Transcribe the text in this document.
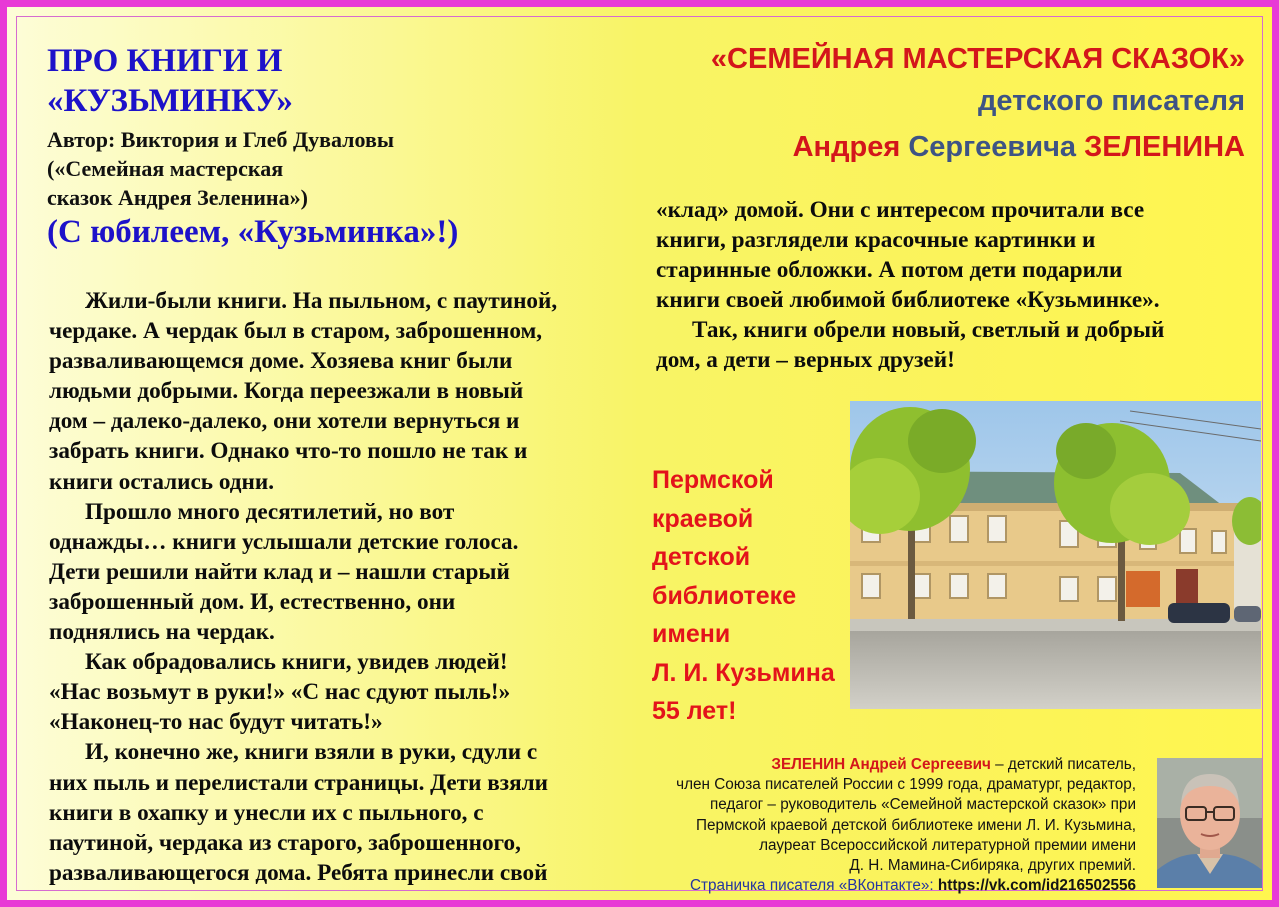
ПРО КНИГИ И
«КУЗЬМИНКУ»
Автор: Виктория и Глеб Дуваловы
(«Семейная мастерская
сказок Андрея Зеленина»)
(С юбилеем, «Кузьминка»!)
Жили-были книги. На пыльном, с паутиной,
чердаке. А чердак был в старом, заброшенном,
разваливающемся доме. Хозяева книг были
людьми добрыми. Когда переезжали в новый
дом – далеко-далеко, они хотели вернуться и
забрать книги. Однако что-то пошло не так и
книги остались одни.
Прошло много десятилетий, но вот
однажды… книги услышали детские голоса.
Дети решили найти клад и – нашли старый
заброшенный дом. И, естественно, они
поднялись на чердак.
Как обрадовались книги, увидев людей!
«Нас возьмут в руки!» «С нас сдуют пыль!»
«Наконец-то нас будут читать!»
И, конечно же, книги взяли в руки, сдули с
них пыль и перелистали страницы. Дети взяли
книги в охапку и унесли их с пыльного, с
паутиной, чердака из старого, заброшенного,
разваливающегося дома. Ребята принесли свой
«СЕМЕЙНАЯ МАСТЕРСКАЯ СКАЗОК»
детского писателя
Андрея Сергеевича ЗЕЛЕНИНА
«клад» домой. Они с интересом прочитали все
книги, разглядели красочные картинки и
старинные обложки. А потом дети подарили
книги своей любимой библиотеке «Кузьминке».
Так, книги обрели новый, светлый и добрый
дом, а дети – верных друзей!
Пермской
краевой
детской
библиотеке
имени
Л. И. Кузьмина
55 лет!
ЗЕЛЕНИН Андрей Сергеевич – детский писатель,
член Союза писателей России с 1999 года, драматург, редактор,
педагог – руководитель «Семейной мастерской сказок» при
Пермской краевой детской библиотеке имени Л. И. Кузьмина,
лауреат Всероссийской литературной премии имени
Д. Н. Мамина-Сибиряка, других премий.
Страничка писателя «ВКонтакте»: https://vk.com/id216502556
